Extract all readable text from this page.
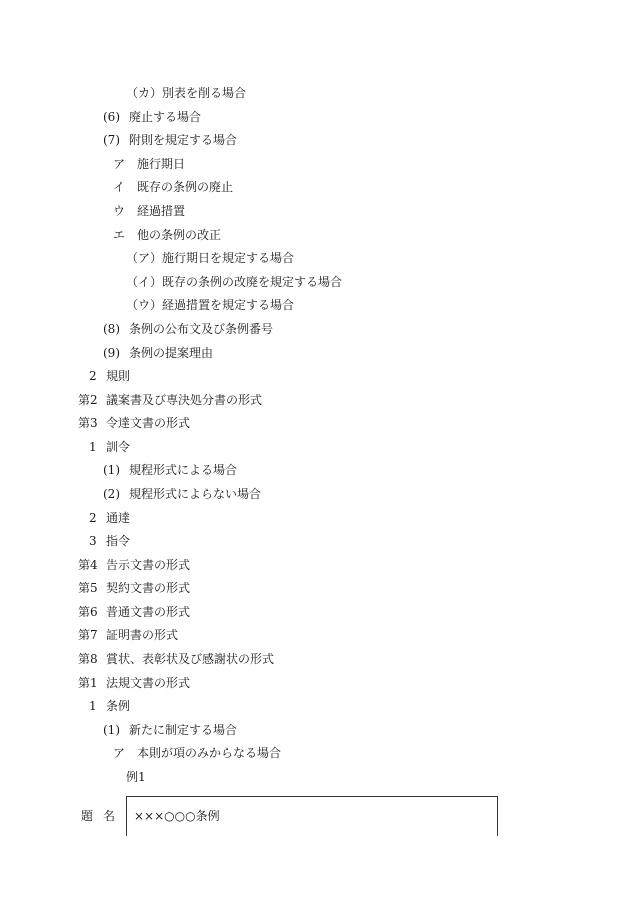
（カ）別表を削る場合
(6) 廃止する場合
(7) 附則を規定する場合
ア 施行期日
イ 既存の条例の廃止
ウ 経過措置
エ 他の条例の改正
（ア）施行期日を規定する場合
（イ）既存の条例の改廃を規定する場合
（ウ）経過措置を規定する場合
(8) 条例の公布文及び条例番号
(9) 条例の提案理由
2 規則
第2 議案書及び専決処分書の形式
第3 令達文書の形式
1 訓令
(1) 規程形式による場合
(2) 規程形式によらない場合
2 通達
3 指令
第4 告示文書の形式
第5 契約文書の形式
第6 普通文書の形式
第7 証明書の形式
第8 賞状、表彰状及び感謝状の形式
第1 法規文書の形式
1 条例
(1) 新たに制定する場合
ア 本則が項のみからなる場合
例1
題名 ×××○○○条例
